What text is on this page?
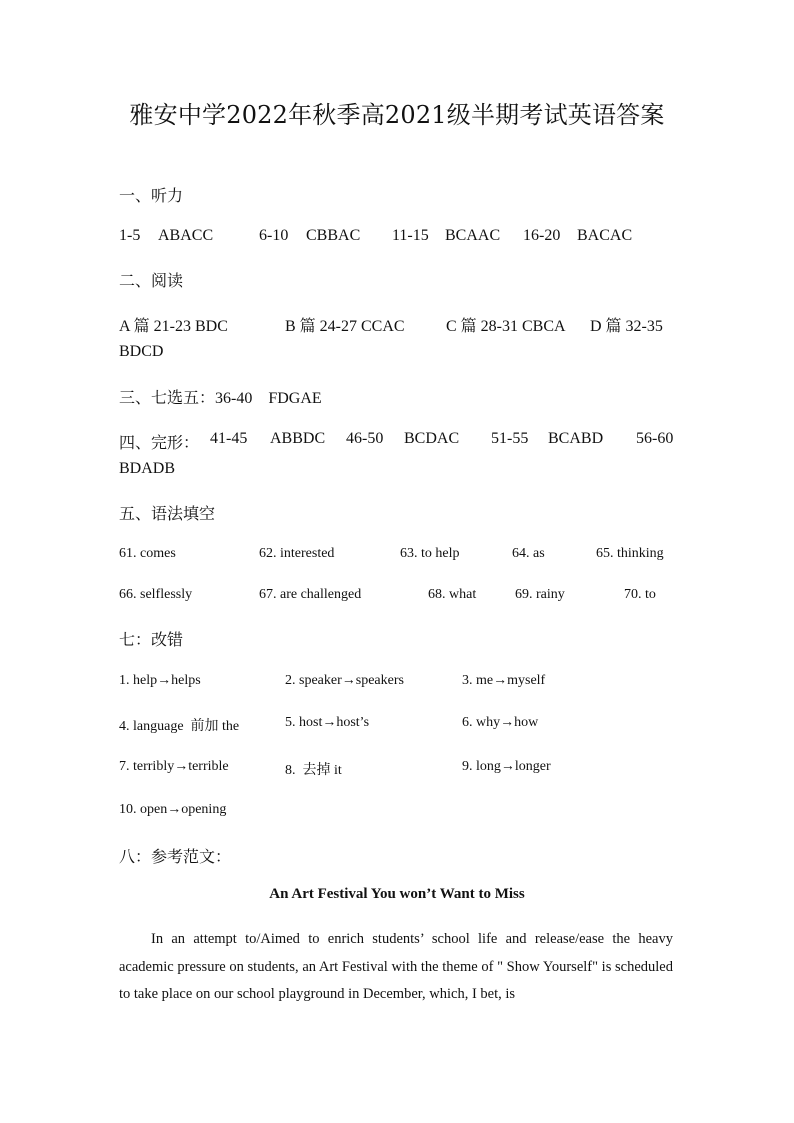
雅安中学2022年秋季高2021级半期考试英语答案
一、听力
1-5 ABACC	6-10 CBBAC 11-15 BCAAC 16-20 BACAC
二、阅读
A 篇 21-23 BDC	B 篇 24-27 CCAC	C 篇 28-31 CBCA D 篇 32-35
BDCD
三、七选五：36-40 FDGAE
四、完形： 41-45 ABBDC 46-50 BCDAC 51-55 BCABD 56-60
BDADB
五、语法填空
61. comes	62. interested	63. to help	64. as	65. thinking
66. selflessly	67. are challenged	68. what	69. rainy	70. to
七：改错
1. help→helps	2. speaker→speakers	3. me→myself
4. language  前加 the	5. host→host’s	6. why→how
7. terribly→terrible	8.  去掉 it	9. long→longer
10. open→opening
八：参考范文：
An Art Festival You won’t Want to Miss
In an attempt to/Aimed to enrich students’ school life and release/ease the heavy academic pressure on students, an Art Festival with the theme of " Show Yourself" is scheduled to take place on our school playground in December, which, I bet, is
